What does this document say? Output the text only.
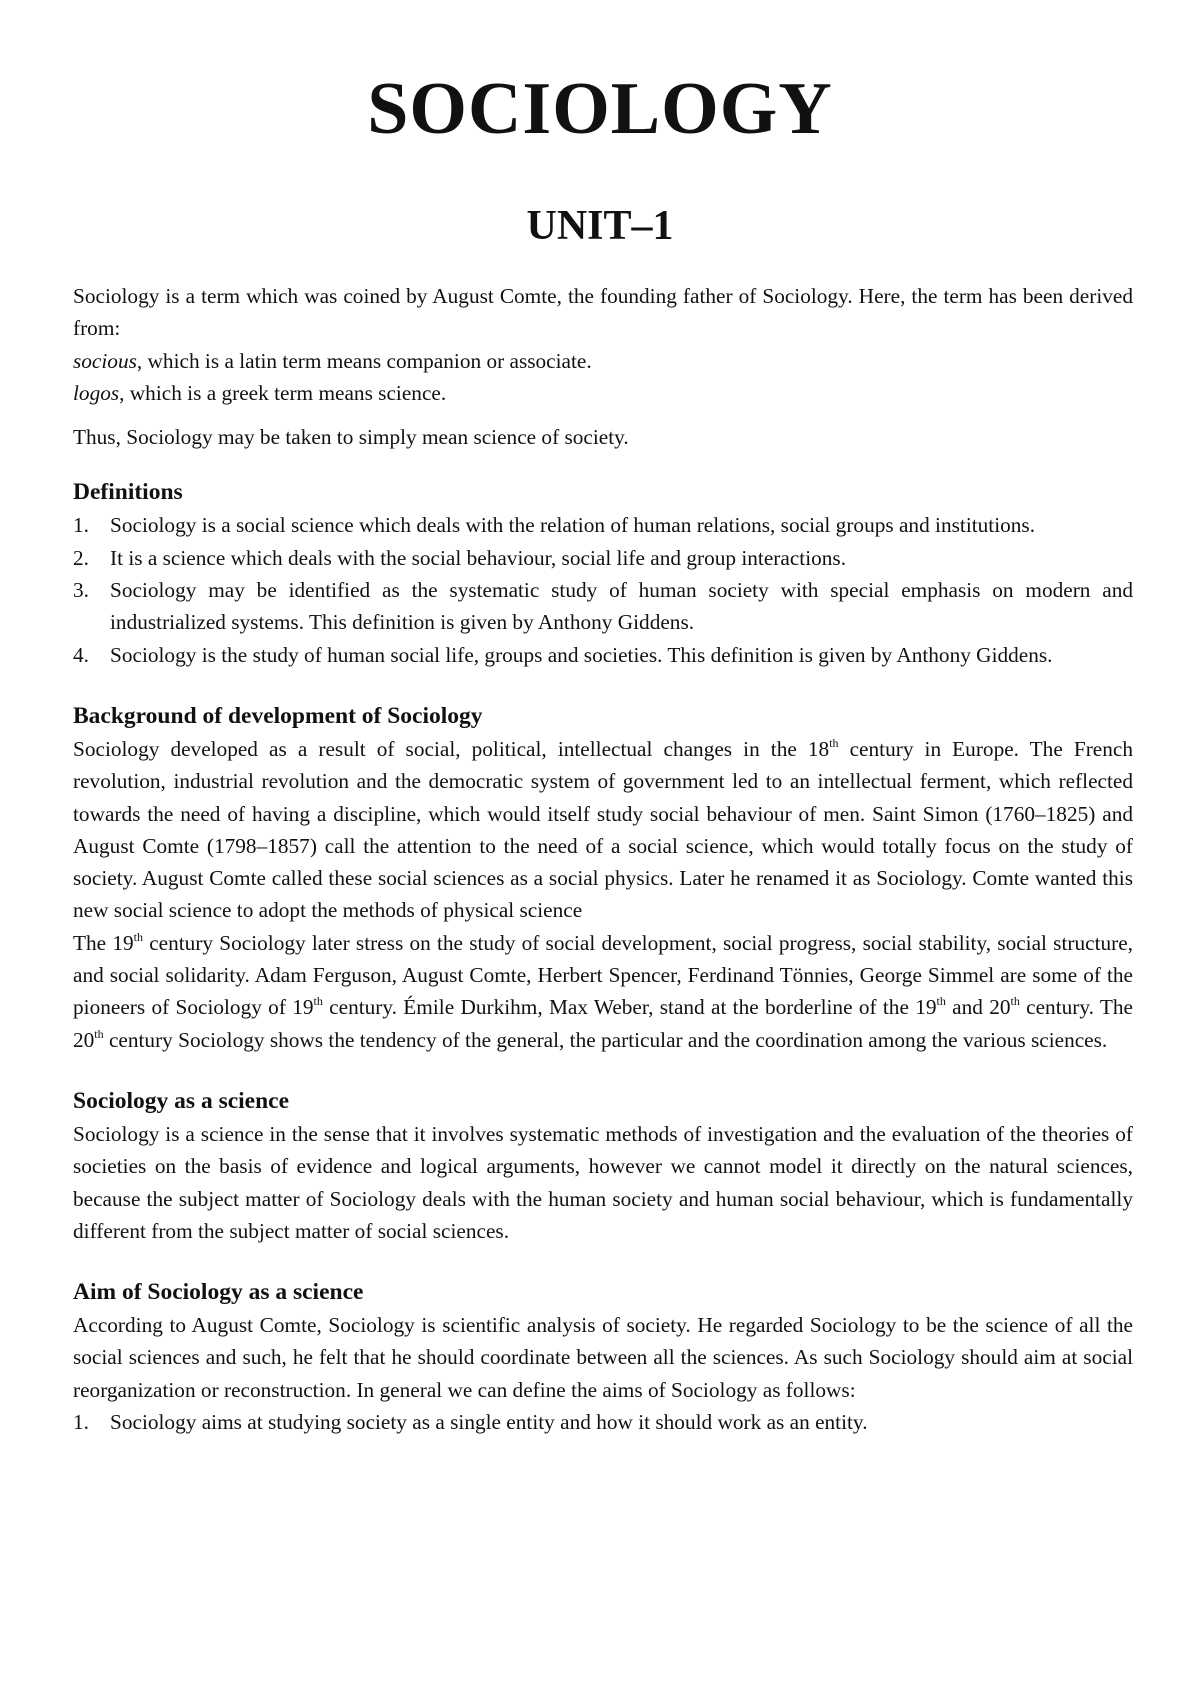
SOCIOLOGY
UNIT–1

Sociology is a term which was coined by August Comte, the founding father of Sociology. Here, the term has been derived from:

socious, which is a latin term means companion or associate.

logos, which is a greek term means science.

Thus, Sociology may be taken to simply mean science of society.

Definitions
1. Sociology is a social science which deals with the relation of human relations, social groups and institutions.
2. It is a science which deals with the social behaviour, social life and group interactions.
3. Sociology may be identified as the systematic study of human society with special emphasis on modern and industrialized systems. This definition is given by Anthony Giddens.
4. Sociology is the study of human social life, groups and societies. This definition is given by Anthony Giddens.
Background of development of Sociology

Sociology developed as a result of social, political, intellectual changes in the 18th century in Europe. The French revolution, industrial revolution and the democratic system of government led to an intellectual ferment, which reflected towards the need of having a discipline, which would itself study social behaviour of men. Saint Simon (1760–1825) and August Comte (1798–1857) call the attention to the need of a social science, which would totally focus on the study of society. August Comte called these social sciences as a social physics. Later he renamed it as Sociology. Comte wanted this new social science to adopt the methods of physical science

The 19th century Sociology later stress on the study of social development, social progress, social stability, social structure, and social solidarity. Adam Ferguson, August Comte, Herbert Spencer, Ferdinand Tönnies, George Simmel are some of the pioneers of Sociology of 19th century. Émile Durkihm, Max Weber, stand at the borderline of the 19th and 20th century. The 20th century Sociology shows the tendency of the general, the particular and the coordination among the various sciences.

Sociology as a science

Sociology is a science in the sense that it involves systematic methods of investigation and the evaluation of the theories of societies on the basis of evidence and logical arguments, however we cannot model it directly on the natural sciences, because the subject matter of Sociology deals with the human society and human social behaviour, which is fundamentally different from the subject matter of social sciences.

Aim of Sociology as a science

According to August Comte, Sociology is scientific analysis of society. He regarded Sociology to be the science of all the social sciences and such, he felt that he should coordinate between all the sciences. As such Sociology should aim at social reorganization or reconstruction. In general we can define the aims of Sociology as follows:

1. Sociology aims at studying society as a single entity and how it should work as an entity.
